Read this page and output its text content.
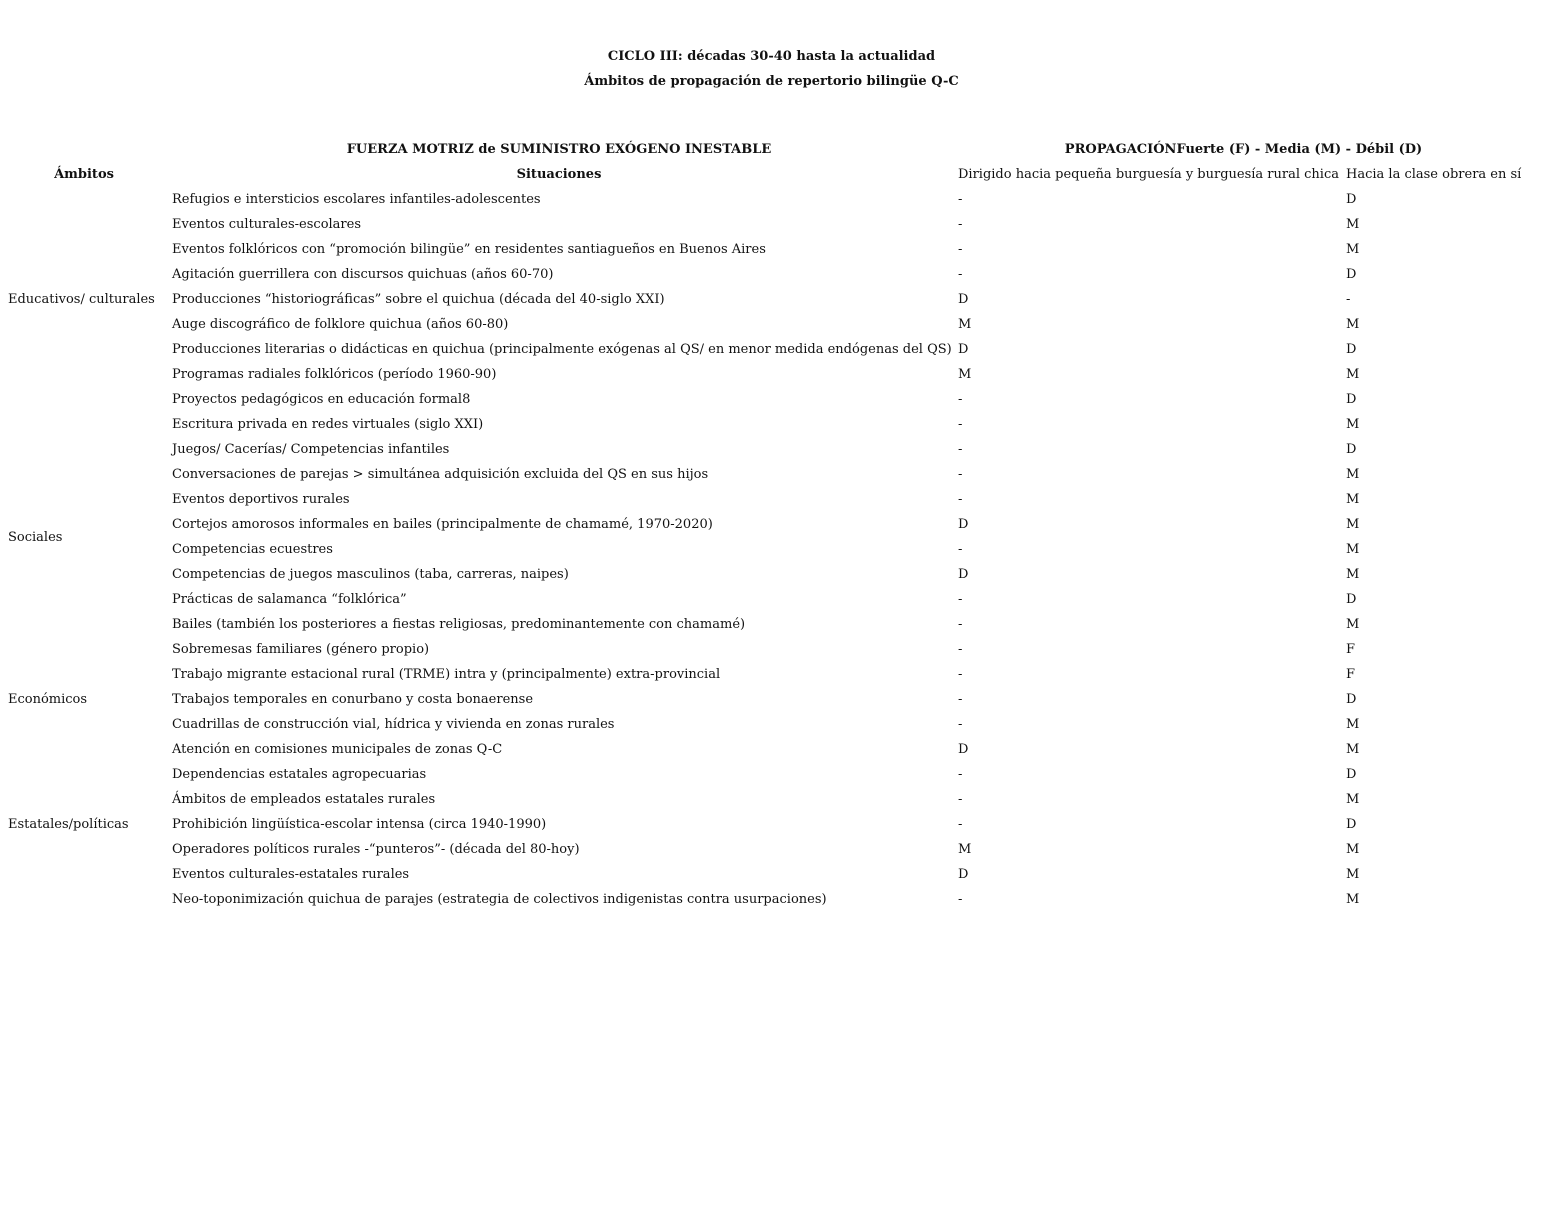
CICLO III: décadas 30-40 hasta la actualidad
Ámbitos de propagación de repertorio bilingüe Q-C
	FUERZA MOTRIZ de SUMINISTRO EXÓGENO INESTABLE	PROPAGACIÓNFuerte (F) - Media (M) - Débil (D)	
Ámbitos	Situaciones	Dirigido hacia pequeña burguesía y burguesía rural chica	Hacia la clase obrera en sí
Educativos/ culturales	Refugios e intersticios escolares infantiles-adolescentes	-	D
	Eventos culturales-escolares	-	M
	Eventos folklóricos con “promoción bilingüe” en residentes santiagueños en Buenos Aires	-	M
	Agitación guerrillera con discursos quichuas (años 60-70)	-	D
	Producciones “historiográficas” sobre el quichua (década del 40-siglo XXI)	D	-
	Auge discográfico de folklore quichua (años 60-80)	M	M
	Producciones literarias o didácticas en quichua (principalmente exógenas al QS/ en menor medida endógenas del QS)	D	D
	Programas radiales folklóricos (período 1960-90)	M	M
	Proyectos pedagógicos en educación formal8	-	D
Sociales	Escritura privada en redes virtuales (siglo XXI)	-	M
	Juegos/ Cacerías/ Competencias infantiles	-	D
	Conversaciones de parejas > simultánea adquisición excluida del QS en sus hijos	-	M
	Eventos deportivos rurales	-	M
	Cortejos amorosos informales en bailes (principalmente de chamamé, 1970-2020)	D	M
	Competencias ecuestres	-	M
	Competencias de juegos masculinos (taba, carreras, naipes)	D	M
	Prácticas de salamanca “folklórica”	-	D
	Bailes (también los posteriores a fiestas religiosas, predominantemente con chamamé)	-	M
	Sobremesas familiares (género propio)	-	F
Económicos	Trabajo migrante estacional rural (TRME) intra y (principalmente) extra-provincial	-	F
	Trabajos temporales en conurbano y costa bonaerense	-	D
	Cuadrillas de construcción vial, hídrica y vivienda en zonas rurales	-	M
Estatales/políticas	Atención en comisiones municipales de zonas Q-C	D	M
	Dependencias estatales agropecuarias	-	D
	Ámbitos de empleados estatales rurales	-	M
	Prohibición lingüística-escolar intensa (circa 1940-1990)	-	D
	Operadores políticos rurales -“punteros”- (década del 80-hoy)	M	M
	Eventos culturales-estatales rurales	D	M
	Neo-toponimización quichua de parajes (estrategia de colectivos indigenistas contra usurpaciones)	-	M
